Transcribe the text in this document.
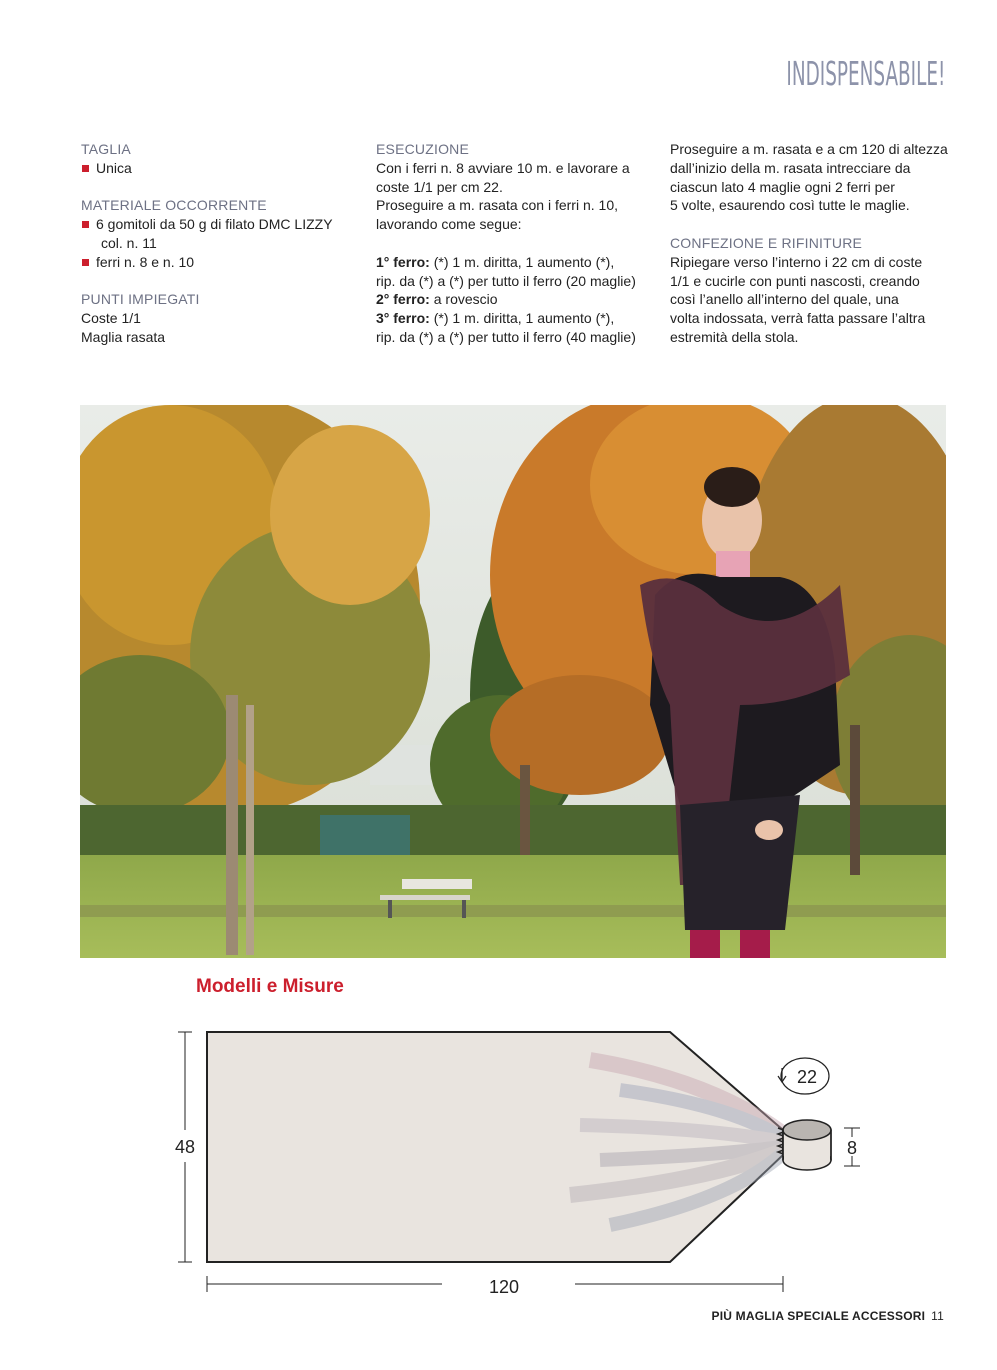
INDISPENSABILE!
TAGLIA
Unica
MATERIALE OCCORRENTE
6 gomitoli da 50 g di filato DMC LIZZY
col. n. 11
ferri n. 8 e n. 10
PUNTI IMPIEGATI
Coste 1/1
Maglia rasata
ESECUZIONE
Con i ferri n. 8 avviare 10 m. e lavorare a
coste 1/1 per cm 22.
Proseguire a m. rasata con i ferri n. 10,
lavorando come segue:
1° ferro: (*) 1 m. diritta, 1 aumento (*),
rip. da (*) a (*) per tutto il ferro (20 maglie)
2° ferro: a rovescio
3° ferro: (*) 1 m. diritta, 1 aumento (*),
rip. da (*) a (*) per tutto il ferro (40 maglie)
Proseguire a m. rasata e a cm 120 di altezza
dall’inizio della m. rasata intrecciare da
ciascun lato 4 maglie ogni 2 ferri per
5 volte, esaurendo così tutte le maglie.
CONFEZIONE E RIFINITURE
Ripiegare verso l’interno i 22 cm di coste
1/1 e cucirle con punti nascosti, creando
così l’anello all’interno del quale, una
volta indossata, verrà fatta passare l’altra
estremità della stola.
Modelli e Misure
22
8
48
120
PIÙ MAGLIA SPECIALE ACCESSORI 11
